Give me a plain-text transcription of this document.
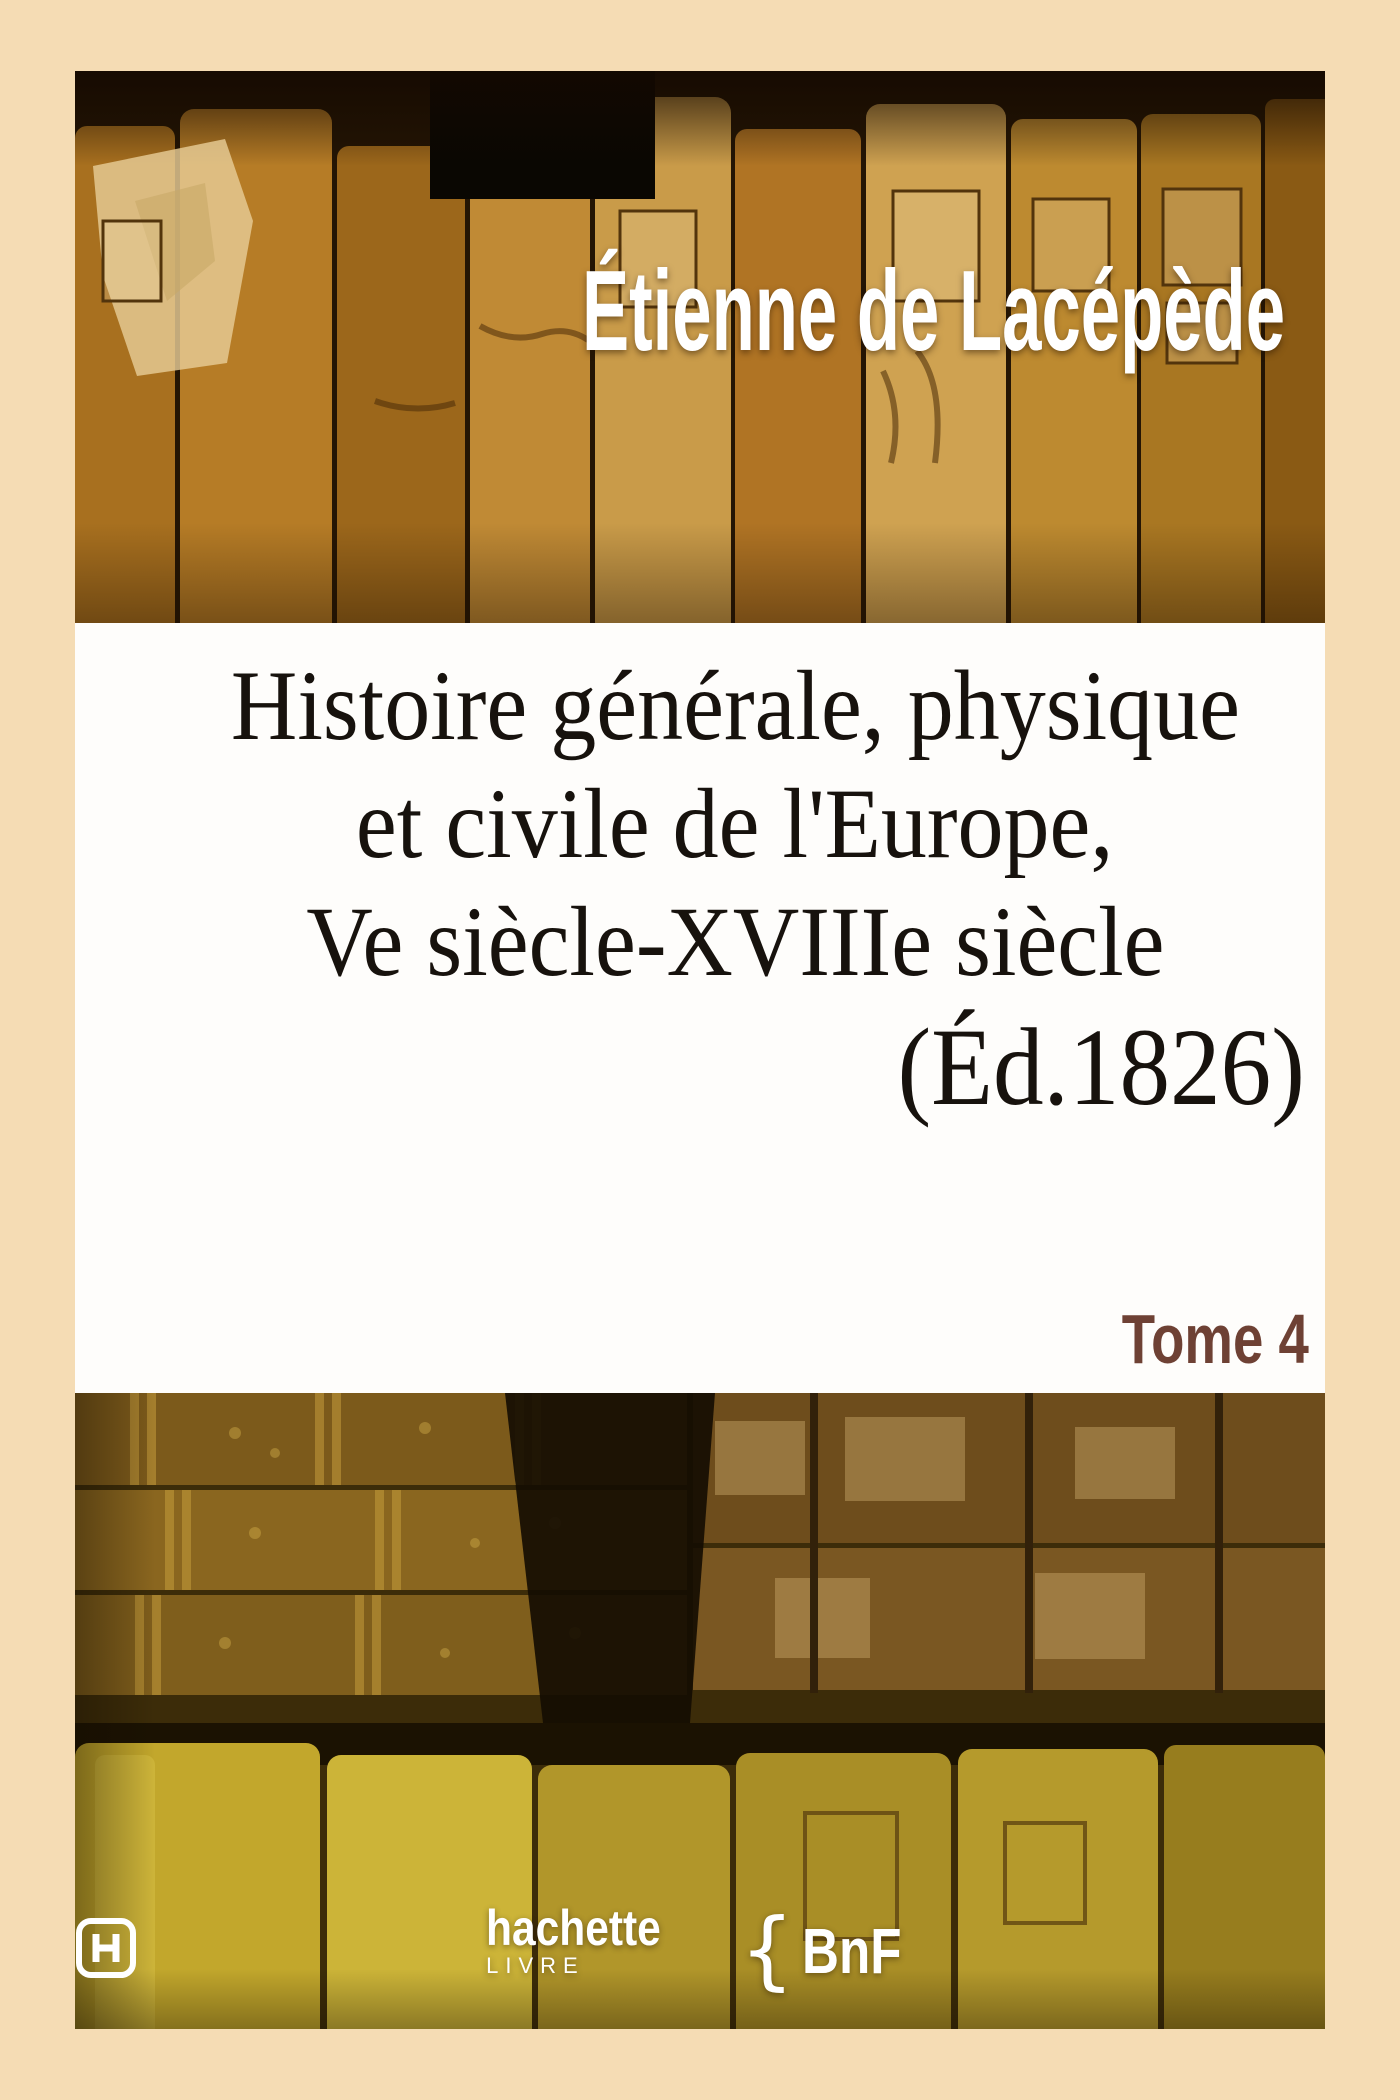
Étienne de Lacépède
Histoire générale, physique
et civile de l'Europe,
Ve siècle-XVIIIe siècle
(Éd.1826)
Tome 4
hachette
LIVRE	{ BnF
